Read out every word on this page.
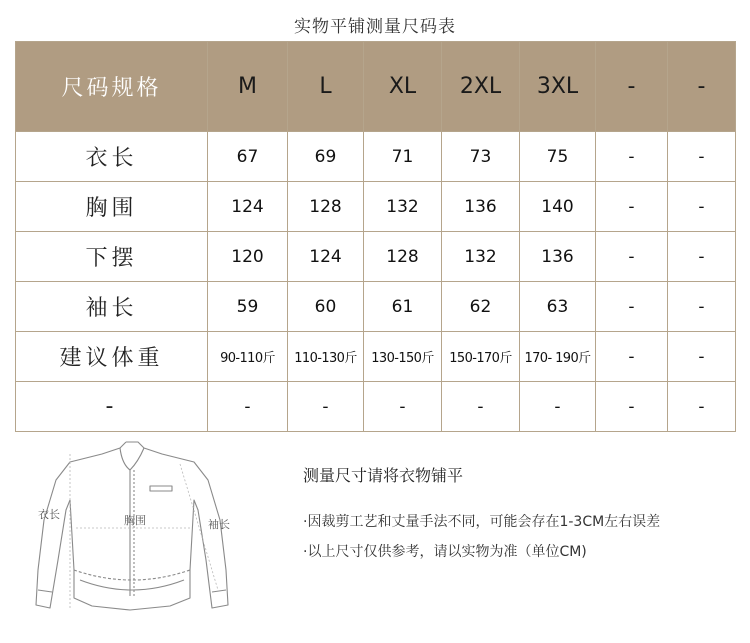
实物平铺测量尺码表
尺码规格	M	L	XL	2XL	3XL	-	-
衣长	67	69	71	73	75	-	-
胸围	124	128	132	136	140	-	-
下摆	120	124	128	132	136	-	-
袖长	59	60	61	62	63	-	-
建议体重	90-110斤	110-130斤	130-150斤	150-170斤	170- 190斤	-	-
-	-	-	-	-	-	-	-
衣长	胸围	袖长
测量尺寸请将衣物铺平
·因裁剪工艺和丈量手法不同，可能会存在1-3CM左右误差
·以上尺寸仅供参考，请以实物为准（单位CM)
